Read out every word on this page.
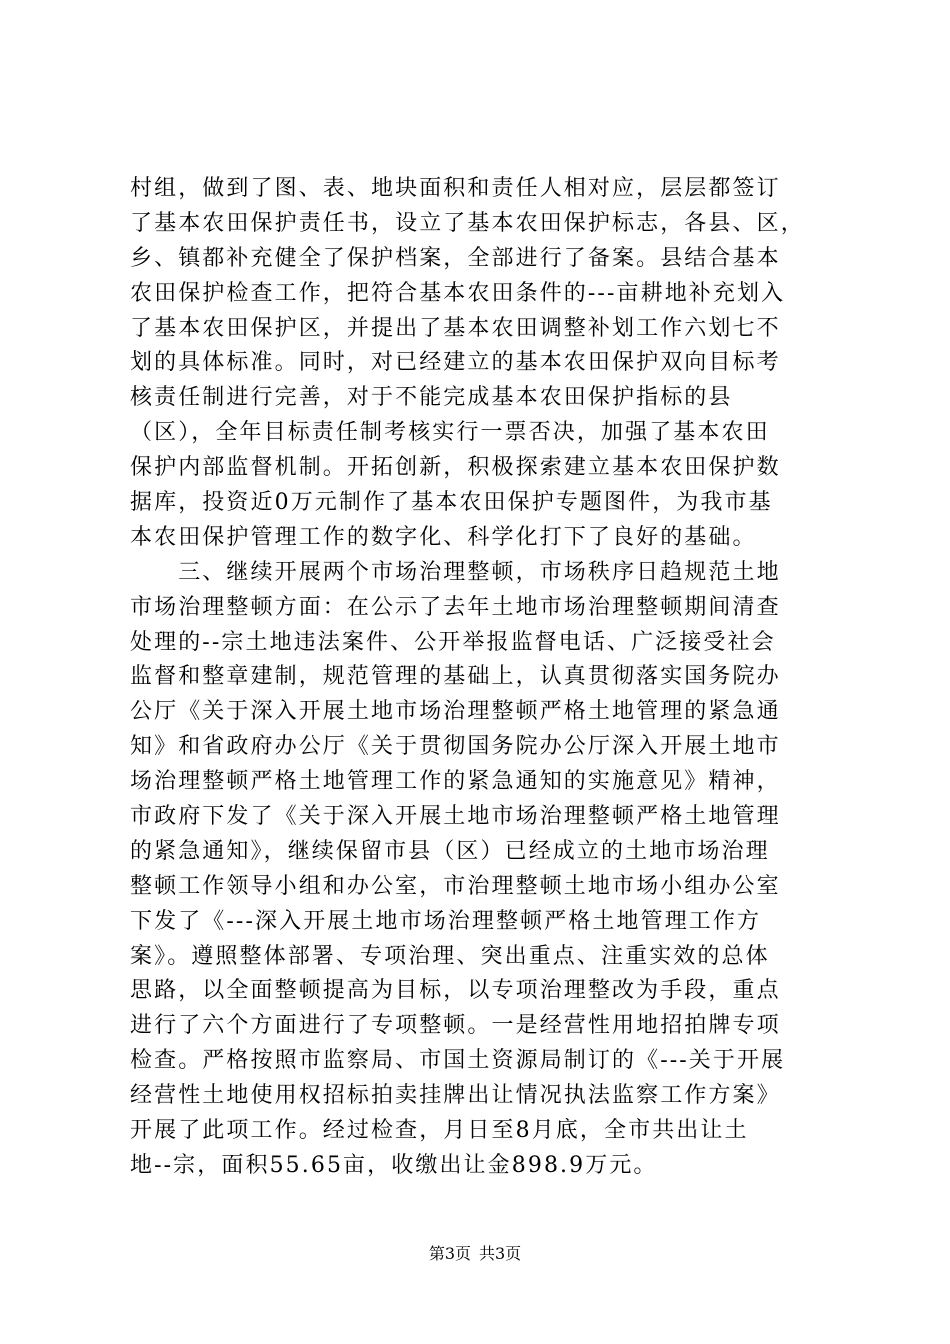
村组，做到了图、表、地块面积和责任人相对应，层层都签订
了基本农田保护责任书，设立了基本农田保护标志，各县、区，
乡、镇都补充健全了保护档案，全部进行了备案。县结合基本
农田保护检查工作，把符合基本农田条件的---亩耕地补充划入
了基本农田保护区，并提出了基本农田调整补划工作六划七不
划的具体标准。同时，对已经建立的基本农田保护双向目标考
核责任制进行完善，对于不能完成基本农田保护指标的县
（区），全年目标责任制考核实行一票否决，加强了基本农田
保护内部监督机制。开拓创新，积极探索建立基本农田保护数
据库，投资近0万元制作了基本农田保护专题图件，为我市基
本农田保护管理工作的数字化、科学化打下了良好的基础。
　　三、继续开展两个市场治理整顿，市场秩序日趋规范土地
市场治理整顿方面：在公示了去年土地市场治理整顿期间清查
处理的--宗土地违法案件、公开举报监督电话、广泛接受社会
监督和整章建制，规范管理的基础上，认真贯彻落实国务院办
公厅《关于深入开展土地市场治理整顿严格土地管理的紧急通
知》和省政府办公厅《关于贯彻国务院办公厅深入开展土地市
场治理整顿严格土地管理工作的紧急通知的实施意见》精神，
市政府下发了《关于深入开展土地市场治理整顿严格土地管理
的紧急通知》，继续保留市县（区）已经成立的土地市场治理
整顿工作领导小组和办公室，市治理整顿土地市场小组办公室
下发了《---深入开展土地市场治理整顿严格土地管理工作方
案》。遵照整体部署、专项治理、突出重点、注重实效的总体
思路，以全面整顿提高为目标，以专项治理整改为手段，重点
进行了六个方面进行了专项整顿。一是经营性用地招拍牌专项
检查。严格按照市监察局、市国土资源局制订的《---关于开展
经营性土地使用权招标拍卖挂牌出让情况执法监察工作方案》
开展了此项工作。经过检查，月日至8月底，全市共出让土
地--宗，面积55.65亩，收缴出让金898.9万元。
第3页 共3页
